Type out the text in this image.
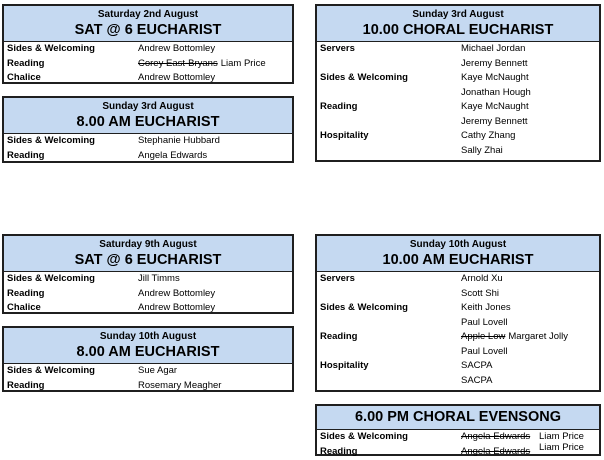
Saturday 2nd August
SAT @ 6 EUCHARIST
Sides & Welcoming	Andrew Bottomley
Reading	Corey East-Bryans Liam Price
Chalice	Andrew Bottomley
Sunday 3rd August
8.00 AM EUCHARIST
Sides & Welcoming	Stephanie Hubbard
Reading	Angela Edwards
Sunday 3rd August
10.00 CHORAL EUCHARIST
Servers	Michael Jordan
Jeremy Bennett
Sides & Welcoming	Kaye McNaught
Jonathan Hough
Reading	Kaye McNaught
Jeremy Bennett
Hospitality	Cathy Zhang
Sally Zhai
Saturday 9th August
SAT @ 6 EUCHARIST
Sides & Welcoming	Jill Timms
Reading	Andrew Bottomley
Chalice	Andrew Bottomley
Sunday 10th August
8.00 AM EUCHARIST
Sides & Welcoming	Sue Agar
Reading	Rosemary Meagher
Sunday 10th August
10.00 AM EUCHARIST
Servers	Arnold Xu
Scott Shi
Sides & Welcoming	Keith Jones
Paul Lovell
Reading	Apple Low Margaret Jolly
Paul Lovell
Hospitality	SACPA
SACPA
6.00 PM CHORAL EVENSONG
Sides & Welcoming	Angela Edwards Liam Price
Reading	Angela Edwards Liam Price
